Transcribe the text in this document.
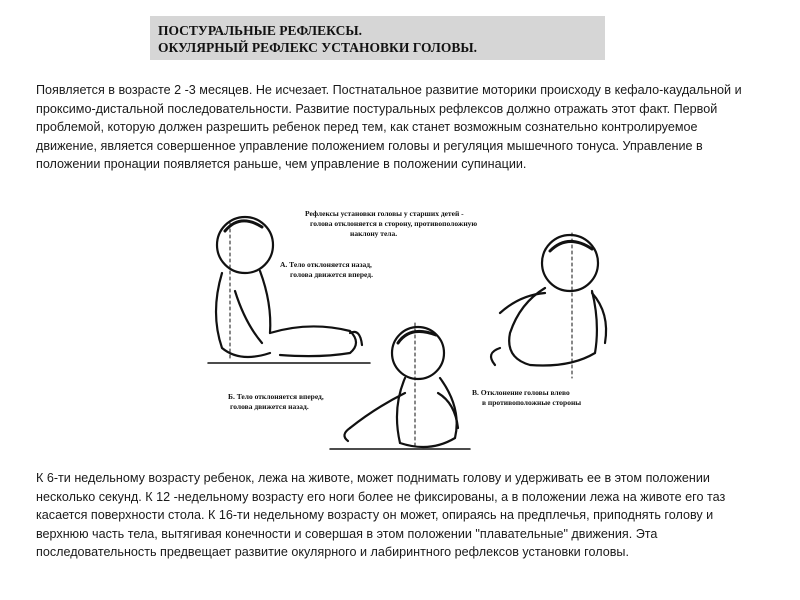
ПОСТУРАЛЬНЫЕ РЕФЛЕКСЫ.
ОКУЛЯРНЫЙ РЕФЛЕКС УСТАНОВКИ ГОЛОВЫ.

Появляется в возрасте 2 -3 месяцев. Не исчезает. Постнатальное развитие моторики происходу в кефало-каудальной и проксимо-дистальной последовательности. Развитие постуральных рефлексов должно отражать этот факт. Первой проблемой, которую должен разрешить ребенок перед тем, как станет возможным сознательно контролируемое движение, является совершенное управление положением головы и регуляция мышечного тонуса. Управление в положении пронации появляется раньше, чем управление в положении супинации.

Рефлексы установки головы у старших детей -
голова отклоняется в сторону, противоположную
наклону тела.
А. Тело отклоняется назад,
голова движется вперед.
Б. Тело отклоняется вперед,
голова движется назад.
В. Отклонение головы влево
в противоположные стороны

К 6-ти недельному возрасту ребенок, лежа на животе, может поднимать голову и удерживать ее в этом положении несколько секунд. К 12 -недельному возрасту его ноги более не фиксированы, а в положении лежа на животе его таз касается поверхности стола. К 16-ти недельному возрасту он может, опираясь на предплечья, приподнять голову и верхнюю часть тела, вытягивая конечности и совершая в этом положении "плавательные" движения. Эта последовательность предвещает развитие окулярного и лабиринтного рефлексов установки головы.
